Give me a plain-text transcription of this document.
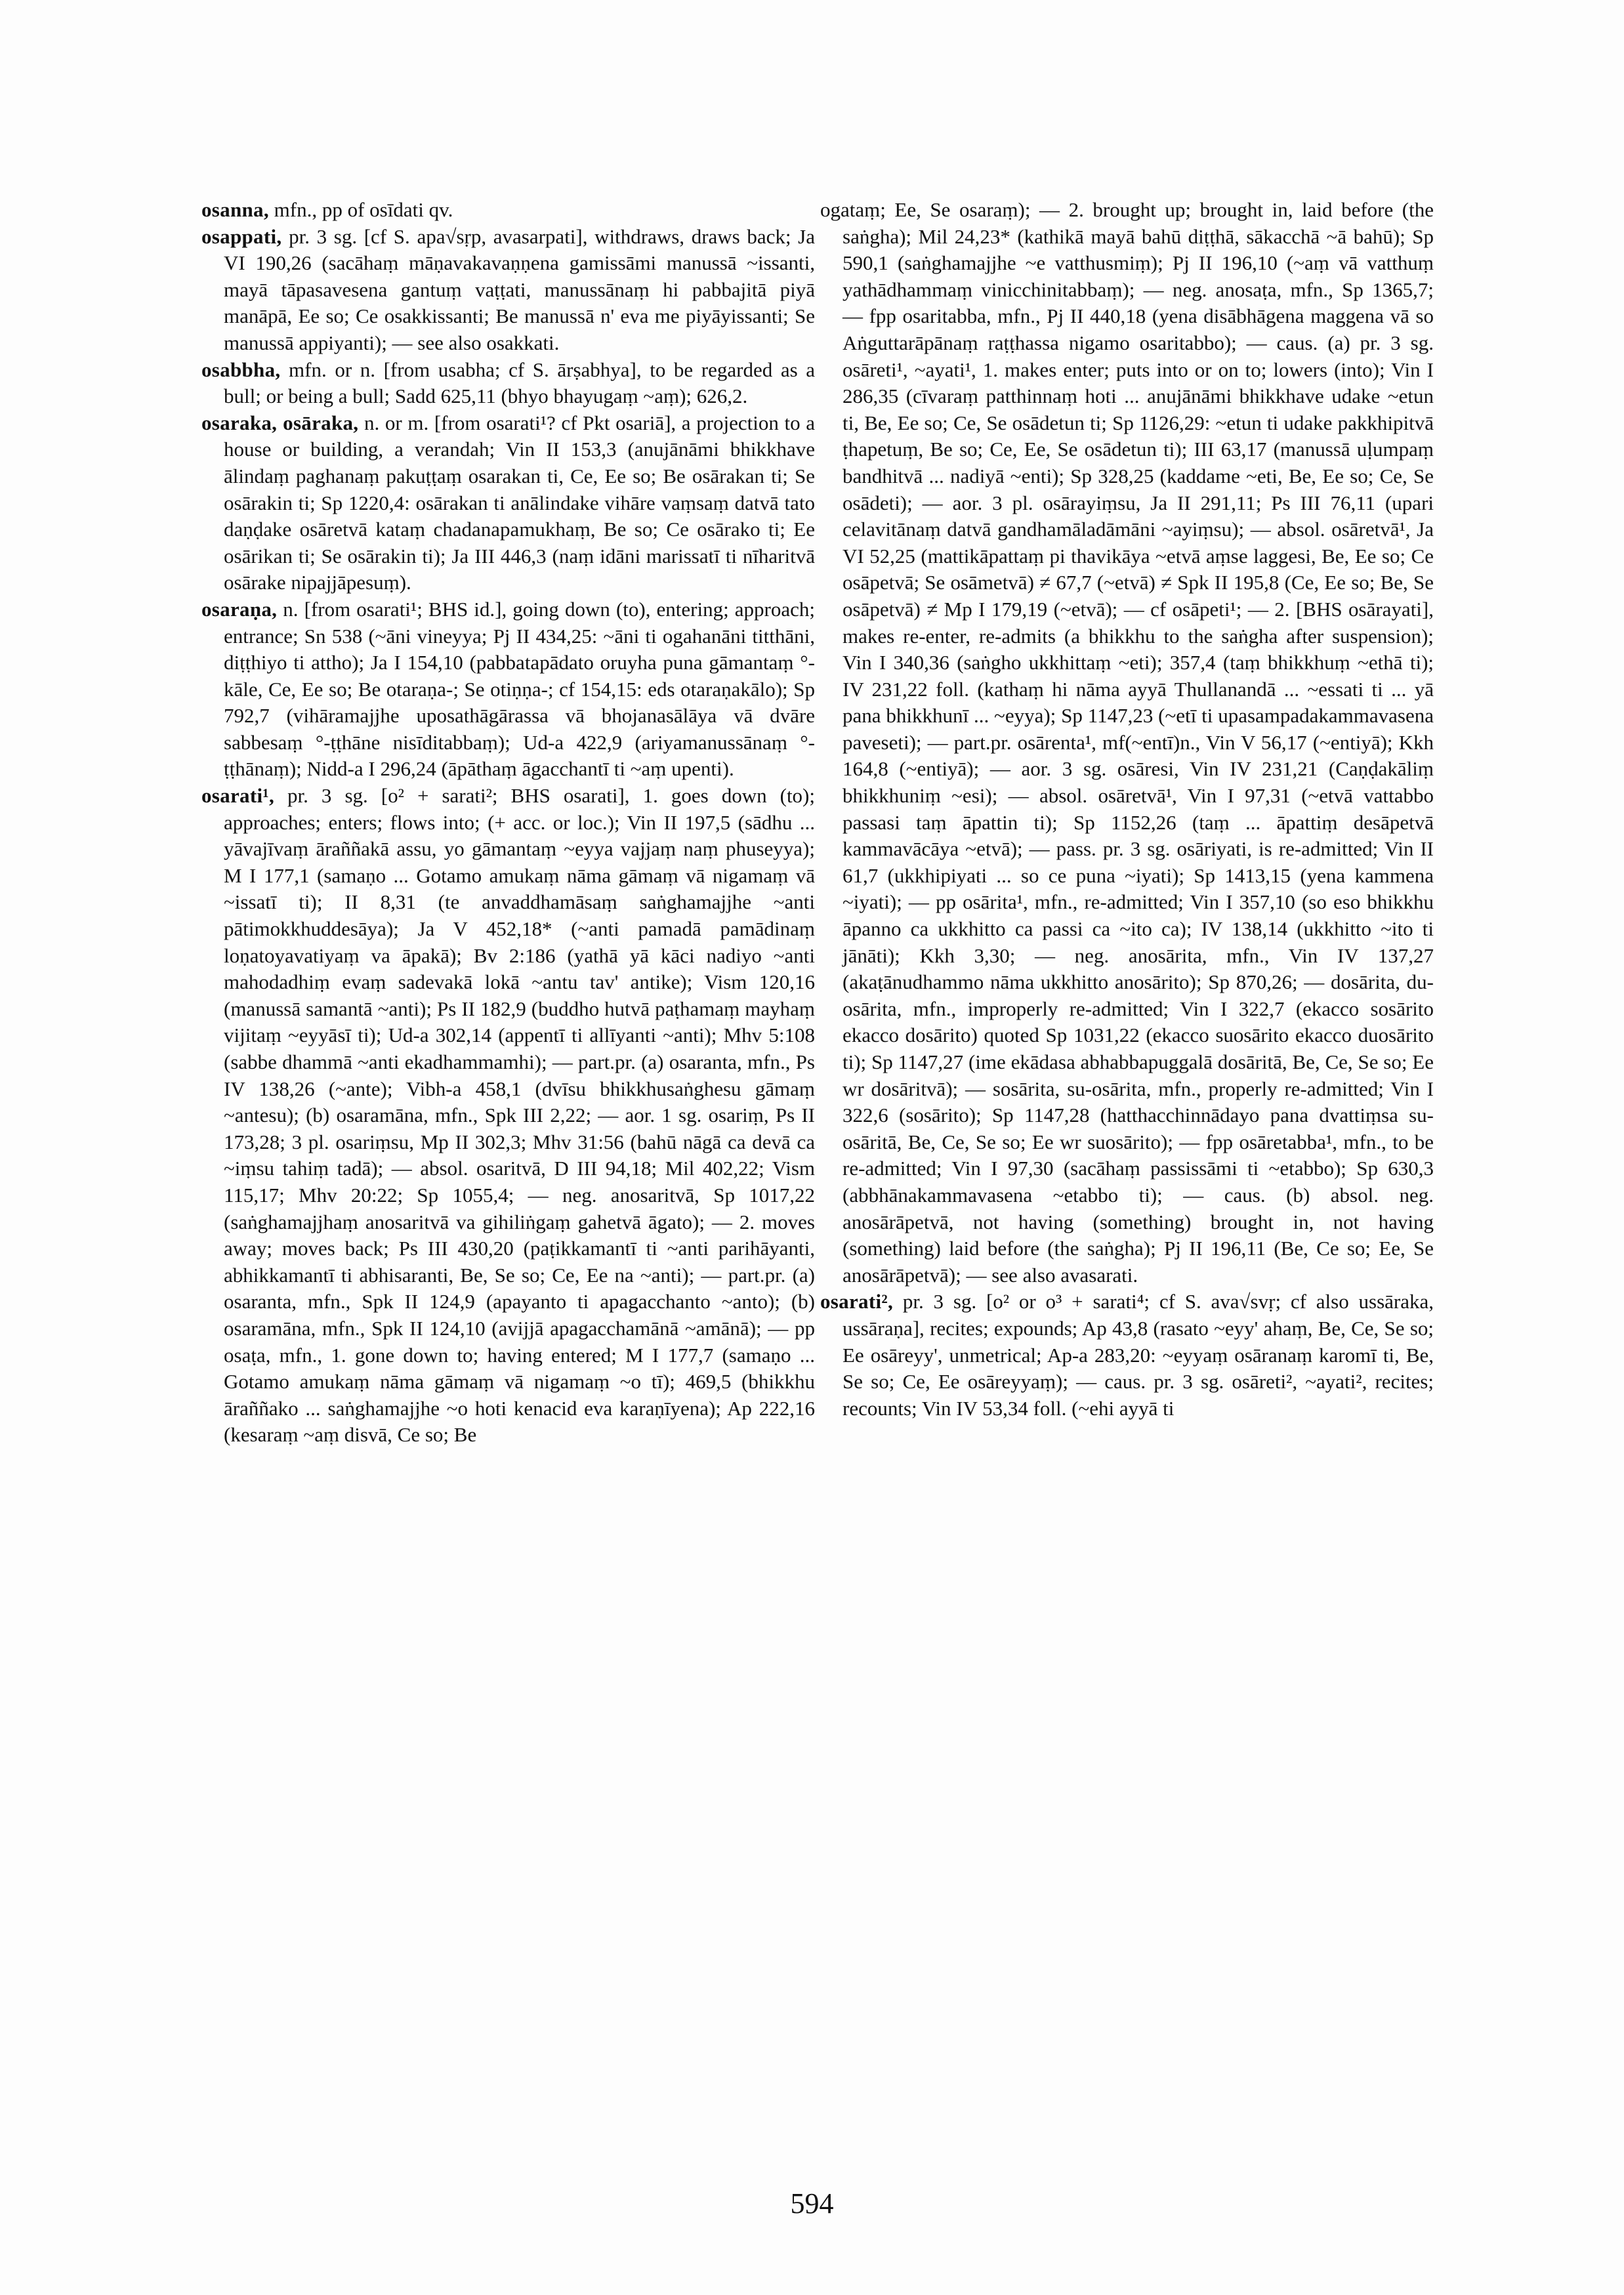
osanna, mfn., pp of osīdati qv.

osappati, pr. 3 sg. [cf S. apa√sṛp, avasarpati], withdraws, draws back; Ja VI 190,26 (sacāhaṃ māṇavakavaṇṇena gamissāmi manussā ~issanti, mayā tāpasavesena gantuṃ vaṭṭati, manussānaṃ hi pabbajitā piyā manāpā, Ee so; Ce osakkissanti; Be manussā n' eva me piyāyissanti; Se manussā appiyanti); — see also osakkati.

osabbha, mfn. or n. [from usabha; cf S. ārṣabhya], to be regarded as a bull; or being a bull; Sadd 625,11 (bhyo bhayugaṃ ~aṃ); 626,2.

osaraka, osāraka, n. or m. [from osarati¹? cf Pkt osariā], a projection to a house or building, a verandah; Vin II 153,3 (anujānāmi bhikkhave ālindaṃ paghanaṃ pakuṭṭaṃ osarakan ti, Ce, Ee so; Be osārakan ti; Se osārakin ti; Sp 1220,4: osārakan ti anālindake vihāre vaṃsaṃ datvā tato daṇḍake osāretvā kataṃ chadanapamukhaṃ, Be so; Ce osārako ti; Ee osārikan ti; Se osārakin ti); Ja III 446,3 (naṃ idāni marissatī ti nīharitvā osārake nipajjāpesuṃ).

osaraṇa, n. [from osarati¹; BHS id.], going down (to), entering; approach; entrance; Sn 538 (~āni vineyya; Pj II 434,25: ~āni ti ogahanāni titthāni, diṭṭhiyo ti attho); Ja I 154,10 (pabbatapādato oruyha puna gāmantaṃ °-kāle, Ce, Ee so; Be otaraṇa-; Se otiṇṇa-; cf 154,15: eds otaraṇakālo); Sp 792,7 (vihāramajjhe uposathāgārassa vā bhojanasālāya vā dvāre sabbesaṃ °-ṭṭhāne nisīditabbaṃ); Ud-a 422,9 (ariyamanussānaṃ °-ṭṭhānaṃ); Nidd-a I 296,24 (āpāthaṃ āgacchantī ti ~aṃ upenti).

osarati¹, pr. 3 sg. [o² + sarati²; BHS osarati], 1. goes down (to); approaches; enters; flows into; (+ acc. or loc.); Vin II 197,5 (sādhu ... yāvajīvaṃ āraññakā assu, yo gāmantaṃ ~eyya vajjaṃ naṃ phuseyya); M I 177,1 (samaṇo ... Gotamo amukaṃ nāma gāmaṃ vā nigamaṃ vā ~issatī ti); II 8,31 (te anvaddhamāsaṃ saṅghamajjhe ~anti pātimokkhuddesāya); Ja V 452,18* (~anti pamadā pamādinaṃ loṇatoyavatiyaṃ va āpakā); Bv 2:186 (yathā yā kāci nadiyo ~anti mahodadhiṃ evaṃ sadevakā lokā ~antu tav' antike); Vism 120,16 (manussā samantā ~anti); Ps II 182,9 (buddho hutvā paṭhamaṃ mayhaṃ vijitaṃ ~eyyāsī ti); Ud-a 302,14 (appentī ti allīyanti ~anti); Mhv 5:108 (sabbe dhammā ~anti ekadhammamhi); — part.pr. (a) osaranta, mfn., Ps IV 138,26 (~ante); Vibh-a 458,1 (dvīsu bhikkhusaṅghesu gāmaṃ ~antesu); (b) osaramāna, mfn., Spk III 2,22; — aor. 1 sg. osariṃ, Ps II 173,28; 3 pl. osariṃsu, Mp II 302,3; Mhv 31:56 (bahū nāgā ca devā ca ~iṃsu tahiṃ tadā); — absol. osaritvā, D III 94,18; Mil 402,22; Vism 115,17; Mhv 20:22; Sp 1055,4; — neg. anosaritvā, Sp 1017,22 (saṅghamajjhaṃ anosaritvā va gihiliṅgaṃ gahetvā āgato); — 2. moves away; moves back; Ps III 430,20 (paṭikkamantī ti ~anti parihāyanti, abhikkamantī ti abhisaranti, Be, Se so; Ce, Ee na ~anti); — part.pr. (a) osaranta, mfn., Spk II 124,9 (apayanto ti apagacchanto ~anto); (b) osaramāna, mfn., Spk II 124,10 (avijjā apagacchamānā ~amānā); — pp osaṭa, mfn., 1. gone down to; having entered; M I 177,7 (samaṇo ... Gotamo amukaṃ nāma gāmaṃ vā nigamaṃ ~o tī); 469,5 (bhikkhu āraññako ... saṅghamajjhe ~o hoti kenacid eva karaṇīyena); Ap 222,16 (kesaraṃ ~aṃ disvā, Ce so; Be

ogataṃ; Ee, Se osaraṃ); — 2. brought up; brought in, laid before (the saṅgha); Mil 24,23* (kathikā mayā bahū diṭṭhā, sākacchā ~ā bahū); Sp 590,1 (saṅghamajjhe ~e vatthusmiṃ); Pj II 196,10 (~aṃ vā vatthuṃ yathādhammaṃ vinicchinitabbaṃ); — neg. anosaṭa, mfn., Sp 1365,7; — fpp osaritabba, mfn., Pj II 440,18 (yena disābhāgena maggena vā so Aṅguttarāpānaṃ raṭṭhassa nigamo osaritabbo); — caus. (a) pr. 3 sg. osāreti¹, ~ayati¹, 1. makes enter; puts into or on to; lowers (into); Vin I 286,35 (cīvaraṃ patthinnaṃ hoti ... anujānāmi bhikkhave udake ~etun ti, Be, Ee so; Ce, Se osādetun ti; Sp 1126,29: ~etun ti udake pakkhipitvā ṭhapetuṃ, Be so; Ce, Ee, Se osādetun ti); III 63,17 (manussā uḷumpaṃ bandhitvā ... nadiyā ~enti); Sp 328,25 (kaddame ~eti, Be, Ee so; Ce, Se osādeti); — aor. 3 pl. osārayiṃsu, Ja II 291,11; Ps III 76,11 (upari celavitānaṃ datvā gandhamāladāmāni ~ayiṃsu); — absol. osāretvā¹, Ja VI 52,25 (mattikāpattaṃ pi thavikāya ~etvā aṃse laggesi, Be, Ee so; Ce osāpetvā; Se osāmetvā) ≠ 67,7 (~etvā) ≠ Spk II 195,8 (Ce, Ee so; Be, Se osāpetvā) ≠ Mp I 179,19 (~etvā); — cf osāpeti¹; — 2. [BHS osārayati], makes re-enter, re-admits (a bhikkhu to the saṅgha after suspension); Vin I 340,36 (saṅgho ukkhittaṃ ~eti); 357,4 (taṃ bhikkhuṃ ~ethā ti); IV 231,22 foll. (kathaṃ hi nāma ayyā Thullanandā ... ~essati ti ... yā pana bhikkhunī ... ~eyya); Sp 1147,23 (~etī ti upasampadakammavasena paveseti); — part.pr. osārenta¹, mf(~entī)n., Vin V 56,17 (~entiyā); Kkh 164,8 (~entiyā); — aor. 3 sg. osāresi, Vin IV 231,21 (Caṇḍakāliṃ bhikkhuniṃ ~esi); — absol. osāretvā¹, Vin I 97,31 (~etvā vattabbo passasi taṃ āpattin ti); Sp 1152,26 (taṃ ... āpattiṃ desāpetvā kammavācāya ~etvā); — pass. pr. 3 sg. osāriyati, is re-admitted; Vin II 61,7 (ukkhipiyati ... so ce puna ~iyati); Sp 1413,15 (yena kammena ~iyati); — pp osārita¹, mfn., re-admitted; Vin I 357,10 (so eso bhikkhu āpanno ca ukkhitto ca passi ca ~ito ca); IV 138,14 (ukkhitto ~ito ti jānāti); Kkh 3,30; — neg. anosārita, mfn., Vin IV 137,27 (akaṭānudhammo nāma ukkhitto anosārito); Sp 870,26; — dosārita, du-osārita, mfn., improperly re-admitted; Vin I 322,7 (ekacco sosārito ekacco dosārito) quoted Sp 1031,22 (ekacco suosārito ekacco duosārito ti); Sp 1147,27 (ime ekādasa abhabbapuggalā dosāritā, Be, Ce, Se so; Ee wr dosāritvā); — sosārita, su-osārita, mfn., properly re-admitted; Vin I 322,6 (sosārito); Sp 1147,28 (hatthacchinnādayo pana dvattiṃsa su-osāritā, Be, Ce, Se so; Ee wr suosārito); — fpp osāretabba¹, mfn., to be re-admitted; Vin I 97,30 (sacāhaṃ passissāmi ti ~etabbo); Sp 630,3 (abbhānakammavasena ~etabbo ti); — caus. (b) absol. neg. anosārāpetvā, not having (something) brought in, not having (something) laid before (the saṅgha); Pj II 196,11 (Be, Ce so; Ee, Se anosārāpetvā); — see also avasarati.

osarati², pr. 3 sg. [o² or o³ + sarati⁴; cf S. ava√svṛ; cf also ussāraka, ussāraṇa], recites; expounds; Ap 43,8 (rasato ~eyy' ahaṃ, Be, Ce, Se so; Ee osāreyy', unmetrical; Ap-a 283,20: ~eyyaṃ osāranaṃ karomī ti, Be, Se so; Ce, Ee osāreyyaṃ); — caus. pr. 3 sg. osāreti², ~ayati², recites; recounts; Vin IV 53,34 foll. (~ehi ayyā ti

594
